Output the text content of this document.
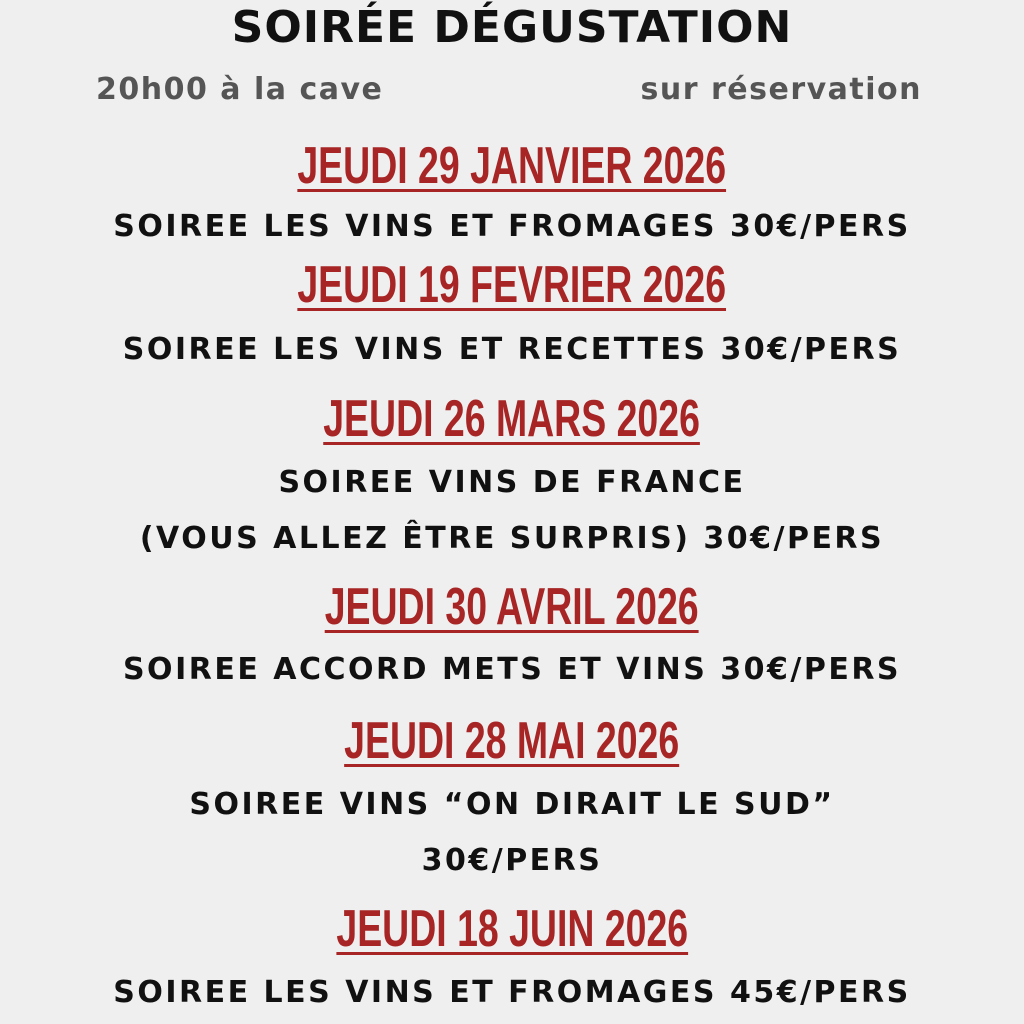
SOIRÉE DÉGUSTATION
20h00 à la cave	sur réservation
JEUDI 29 JANVIER 2026
SOIREE LES VINS ET FROMAGES 30€/PERS
JEUDI 19 FEVRIER 2026
SOIREE LES VINS ET RECETTES 30€/PERS
JEUDI 26 MARS 2026
SOIREE VINS DE FRANCE
(VOUS ALLEZ ÊTRE SURPRIS) 30€/PERS
JEUDI 30 AVRIL 2026
SOIREE ACCORD METS ET VINS 30€/PERS
JEUDI 28 MAI 2026
SOIREE VINS “ON DIRAIT LE SUD”
30€/PERS
JEUDI 18 JUIN 2026
SOIREE LES VINS ET FROMAGES 45€/PERS
